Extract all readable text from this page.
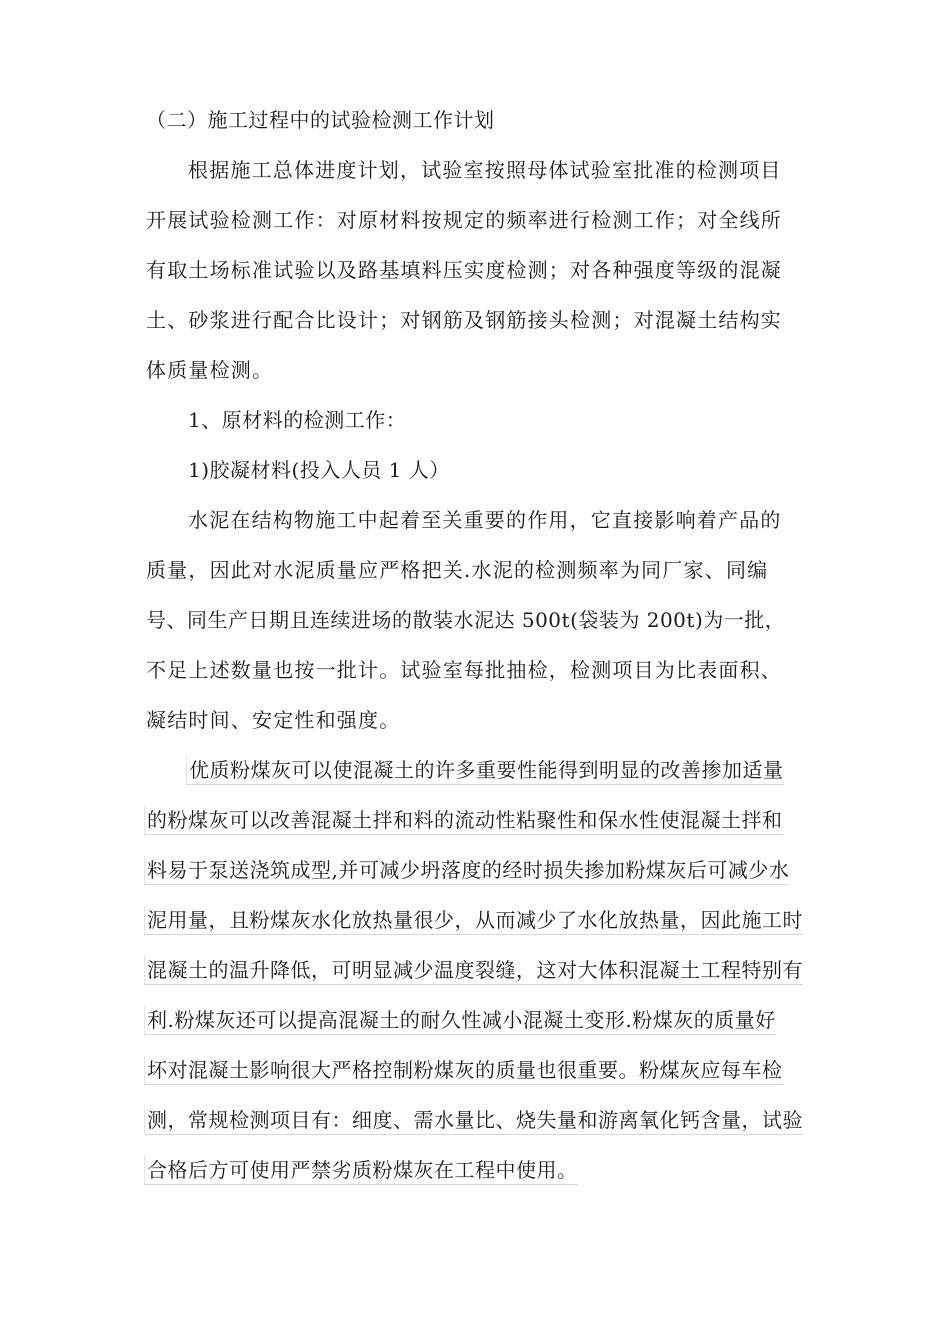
（二）施工过程中的试验检测工作计划
根据施工总体进度计划，试验室按照母体试验室批准的检测项目
开展试验检测工作：对原材料按规定的频率进行检测工作；对全线所
有取土场标准试验以及路基填料压实度检测；对各种强度等级的混凝
土、砂浆进行配合比设计；对钢筋及钢筋接头检测；对混凝土结构实
体质量检测。
1、原材料的检测工作：
1)胶凝材料(投入人员 1 人）
水泥在结构物施工中起着至关重要的作用，它直接影响着产品的
质量，因此对水泥质量应严格把关.水泥的检测频率为同厂家、同编
号、同生产日期且连续进场的散装水泥达 500t(袋装为 200t)为一批，
不足上述数量也按一批计。试验室每批抽检，检测项目为比表面积、
凝结时间、安定性和强度。
优质粉煤灰可以使混凝土的许多重要性能得到明显的改善掺加适量
的粉煤灰可以改善混凝土拌和料的流动性粘聚性和保水性使混凝土拌和
料易于泵送浇筑成型,并可减少坍落度的经时损失掺加粉煤灰后可减少水
泥用量，且粉煤灰水化放热量很少，从而减少了水化放热量，因此施工时
混凝土的温升降低，可明显减少温度裂缝，这对大体积混凝土工程特别有
利.粉煤灰还可以提高混凝土的耐久性减小混凝土变形.粉煤灰的质量好
坏对混凝土影响很大严格控制粉煤灰的质量也很重要。粉煤灰应每车检
测，常规检测项目有：细度、需水量比、烧失量和游离氧化钙含量，试验
合格后方可使用严禁劣质粉煤灰在工程中使用。
